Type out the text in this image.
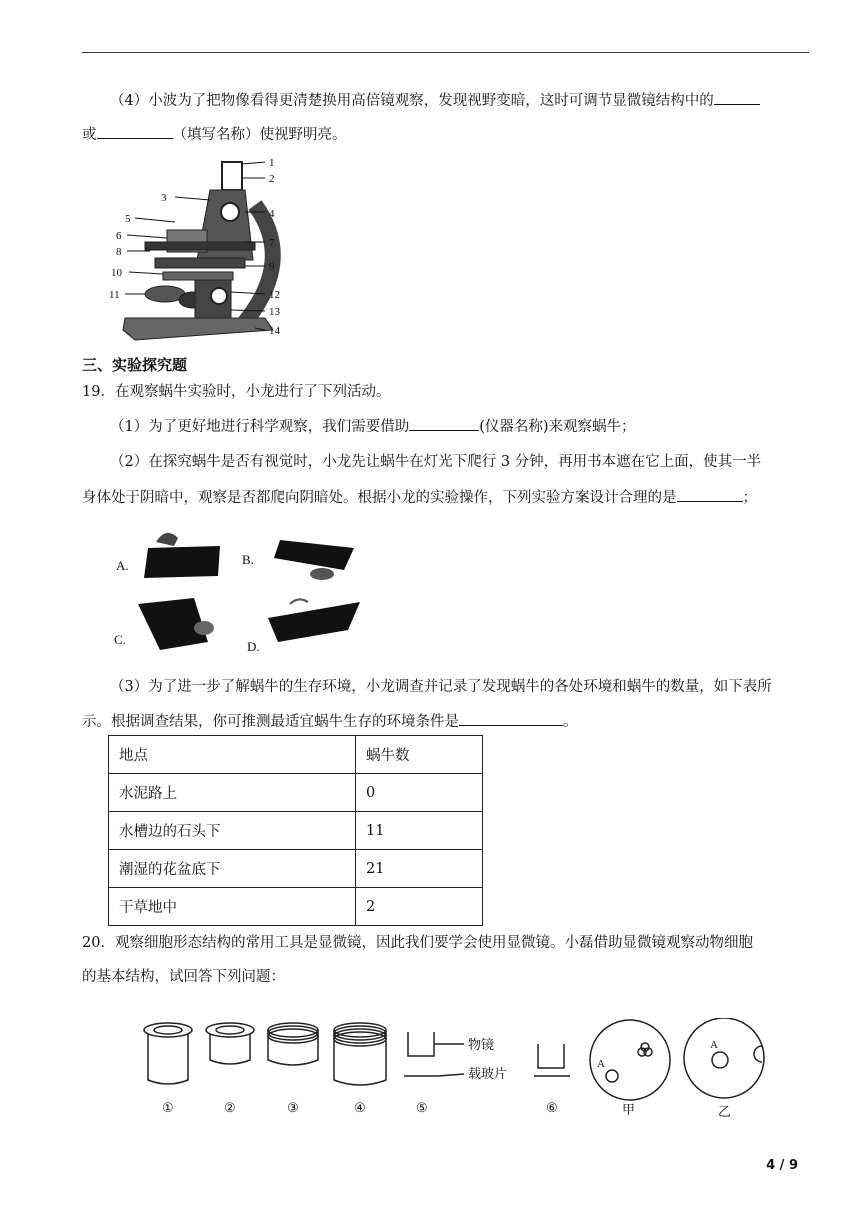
（4）小波为了把物像看得更清楚换用高倍镜观察，发现视野变暗，这时可调节显微镜结构中的
或	（填写名称）使视野明亮。
1
2
3
4
5
6
7
8
9
10
11	12
13
14
三、实验探究题
19．在观察蜗牛实验时，小龙进行了下列活动。
（1）为了更好地进行科学观察，我们需要借助	(仪器名称)来观察蜗牛；
（2）在探究蜗牛是否有视觉时，小龙先让蜗牛在灯光下爬行 3 分钟，再用书本遮在它上面，使其一半
身体处于阴暗中，观察是否都爬向阴暗处。根据小龙的实验操作，下列实验方案设计合理的是	；
A.	B.
C.	D.
（3）为了进一步了解蜗牛的生存环境，小龙调查并记录了发现蜗牛的各处环境和蜗牛的数量，如下表所
示。根据调查结果，你可推测最适宜蜗牛生存的环境条件是	。
地点	蜗牛数
水泥路上	0
水槽边的石头下	11
潮湿的花盆底下	21
干草地中	2
20．观察细胞形态结构的常用工具是显微镜，因此我们要学会使用显微镜。小磊借助显微镜观察动物细胞
的基本结构，试回答下列问题：
物镜
载玻片
A
A
①	②	③	④	⑤	⑥	甲	乙
4 / 9
